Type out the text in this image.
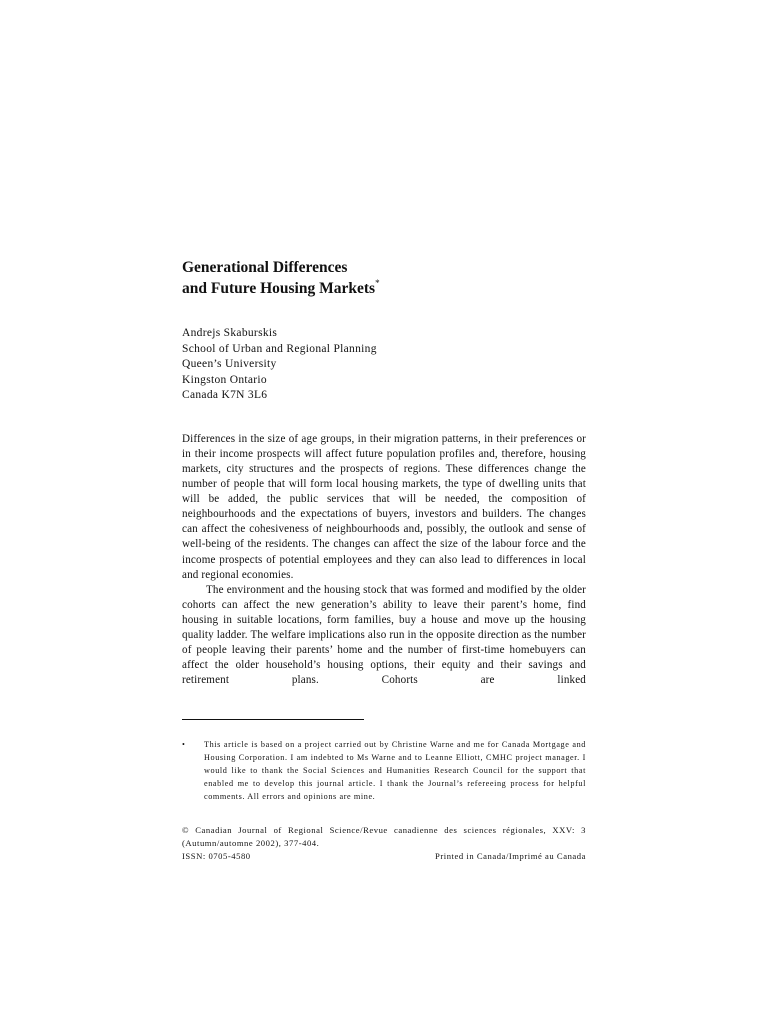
Generational Differences
and Future Housing Markets*
Andrejs Skaburskis
School of Urban and Regional Planning
Queen’s University
Kingston Ontario
Canada K7N 3L6

Differences in the size of age groups, in their migration patterns, in their preferences or in their income prospects will affect future population profiles and, therefore, housing markets, city structures and the prospects of regions. These differences change the number of people that will form local housing markets, the type of dwelling units that will be added, the public services that will be needed, the composition of neighbourhoods and the expectations of buyers, investors and builders. The changes can affect the cohesiveness of neighbourhoods and, possibly, the outlook and sense of well-being of the residents. The changes can affect the size of the labour force and the income prospects of potential employees and they can also lead to differences in local and regional economies.

The environment and the housing stock that was formed and modified by the older cohorts can affect the new generation’s ability to leave their parent’s home, find housing in suitable locations, form families, buy a house and move up the housing quality ladder. The welfare implications also run in the opposite direction as the number of people leaving their parents’ home and the number of first-time homebuyers can affect the older household’s housing options, their equity and their savings and retirement plans. Cohorts are linked

• This article is based on a project carried out by Christine Warne and me for Canada Mortgage and Housing Corporation. I am indebted to Ms Warne and to Leanne Elliott, CMHC project manager. I would like to thank the Social Sciences and Humanities Research Council for the support that enabled me to develop this journal article. I thank the Journal’s refereeing process for helpful comments. All errors and opinions are mine.
© Canadian Journal of Regional Science/Revue canadienne des sciences régionales, XXV: 3
(Autumn/automne 2002), 377-404.
ISSN: 0705-4580	Printed in Canada/Imprimé au Canada
